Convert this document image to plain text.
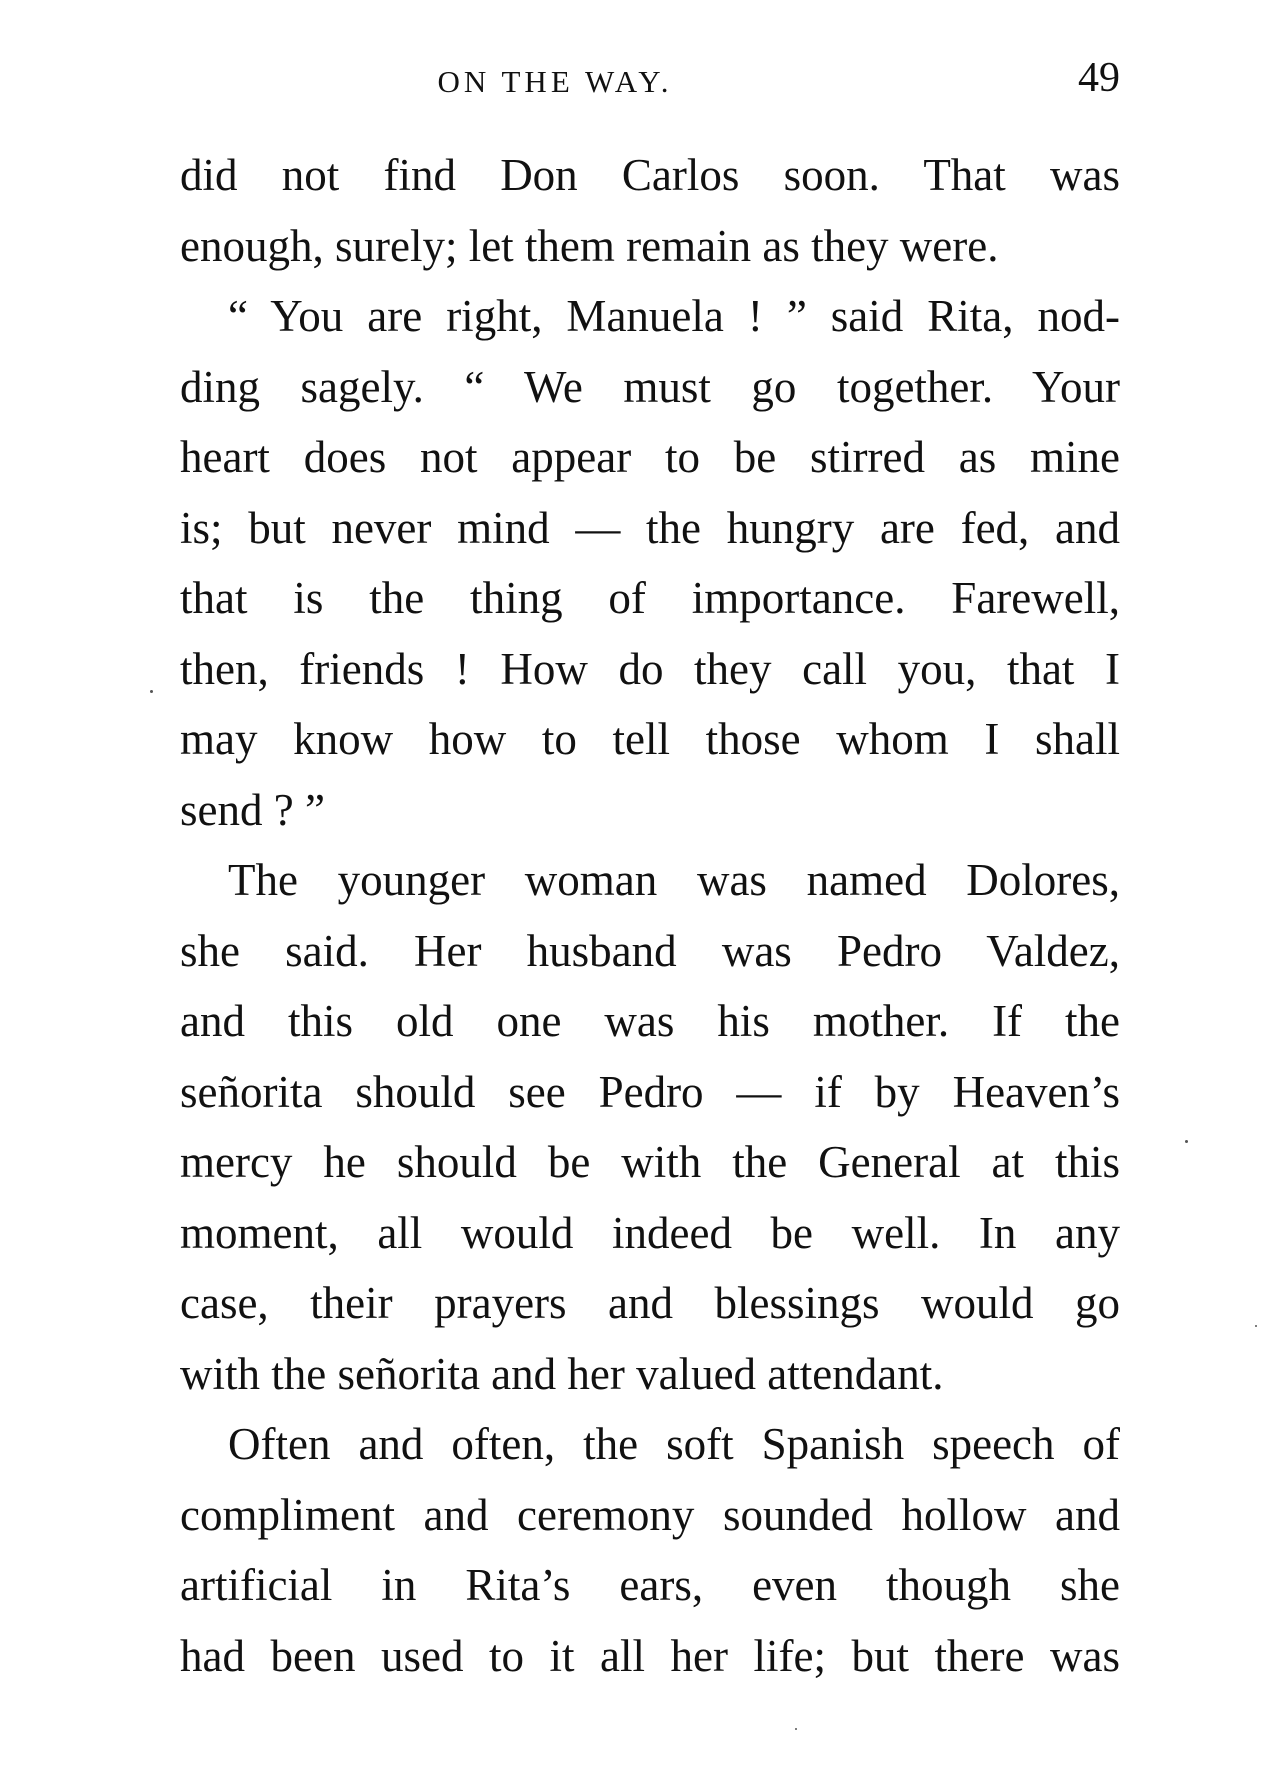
ON THE WAY.	49
did not find Don Carlos soon. That was
enough, surely; let them remain as they were.
“ You are right, Manuela ! ” said Rita, nod-
ding sagely. “ We must go together. Your
heart does not appear to be stirred as mine
is; but never mind — the hungry are fed, and
that is the thing of importance. Farewell,
then, friends ! How do they call you, that I
may know how to tell those whom I shall
send ? ”
The younger woman was named Dolores,
she said. Her husband was Pedro Valdez,
and this old one was his mother. If the
señorita should see Pedro — if by Heaven’s
mercy he should be with the General at this
moment, all would indeed be well. In any
case, their prayers and blessings would go
with the señorita and her valued attendant.
Often and often, the soft Spanish speech of
compliment and ceremony sounded hollow and
artificial in Rita’s ears, even though she
had been used to it all her life; but there was
